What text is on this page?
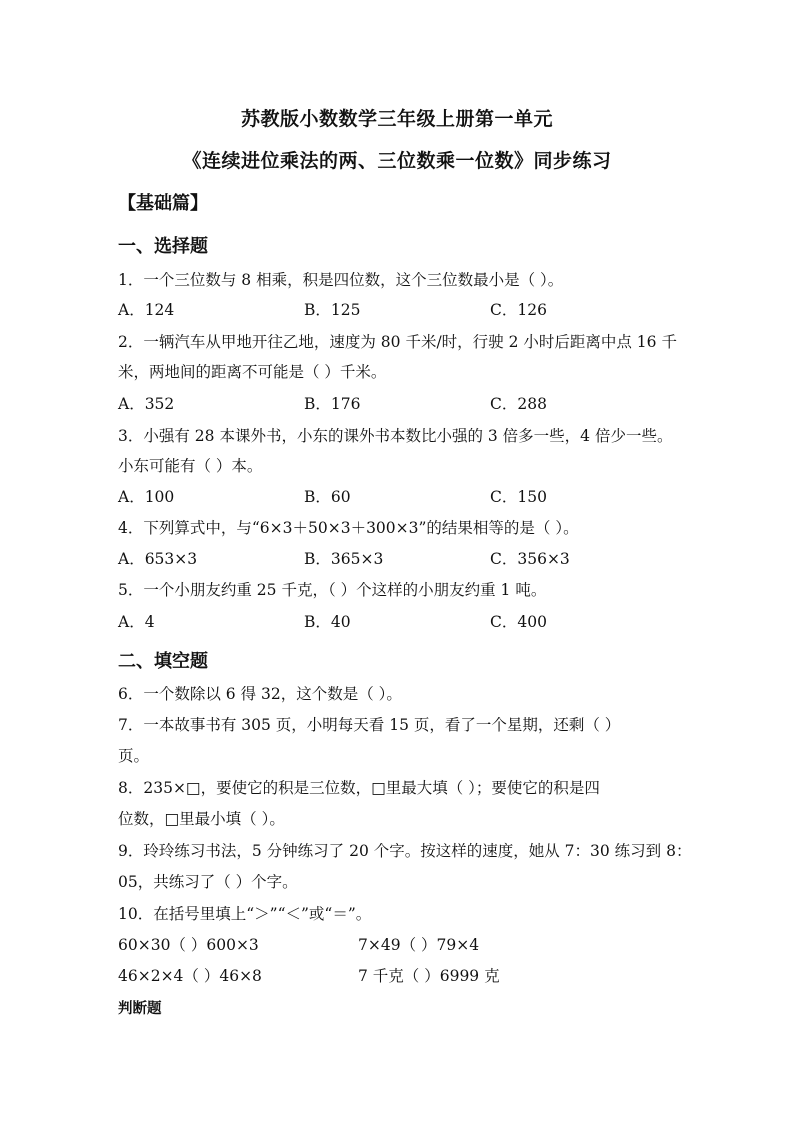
苏教版小数数学三年级上册第一单元
《连续进位乘法的两、三位数乘一位数》同步练习
【基础篇】
一、选择题
1．一个三位数与 8 相乘，积是四位数，这个三位数最小是（ ）。
A．124	B．125	C．126
2．一辆汽车从甲地开往乙地，速度为 80 千米/时，行驶 2 小时后距离中点 16 千
米，两地间的距离不可能是（ ）千米。
A．352	B．176	C．288
3．小强有 28 本课外书，小东的课外书本数比小强的 3 倍多一些，4 倍少一些。
小东可能有（ ）本。
A．100	B．60	C．150
4．下列算式中，与“6×3＋50×3＋300×3”的结果相等的是（ ）。
A．653×3	B．365×3	C．356×3
5．一个小朋友约重 25 千克，（ ）个这样的小朋友约重 1 吨。
A．4	B．40	C．400
二、填空题
6．一个数除以 6 得 32，这个数是（ ）。
7．一本故事书有 305 页，小明每天看 15 页，看了一个星期，还剩（ ）
页。
8．235×□，要使它的积是三位数，□里最大填（ ）；要使它的积是四
位数，□里最小填（ ）。
9．玲玲练习书法，5 分钟练习了 20 个字。按这样的速度，她从 7：30 练习到 8：
05，共练习了（ ）个字。
10．在括号里填上“＞”“＜”或“＝”。
60×30（ ）600×3	7×49（ ）79×4
46×2×4（ ）46×8	7 千克（ ）6999 克
判断题
